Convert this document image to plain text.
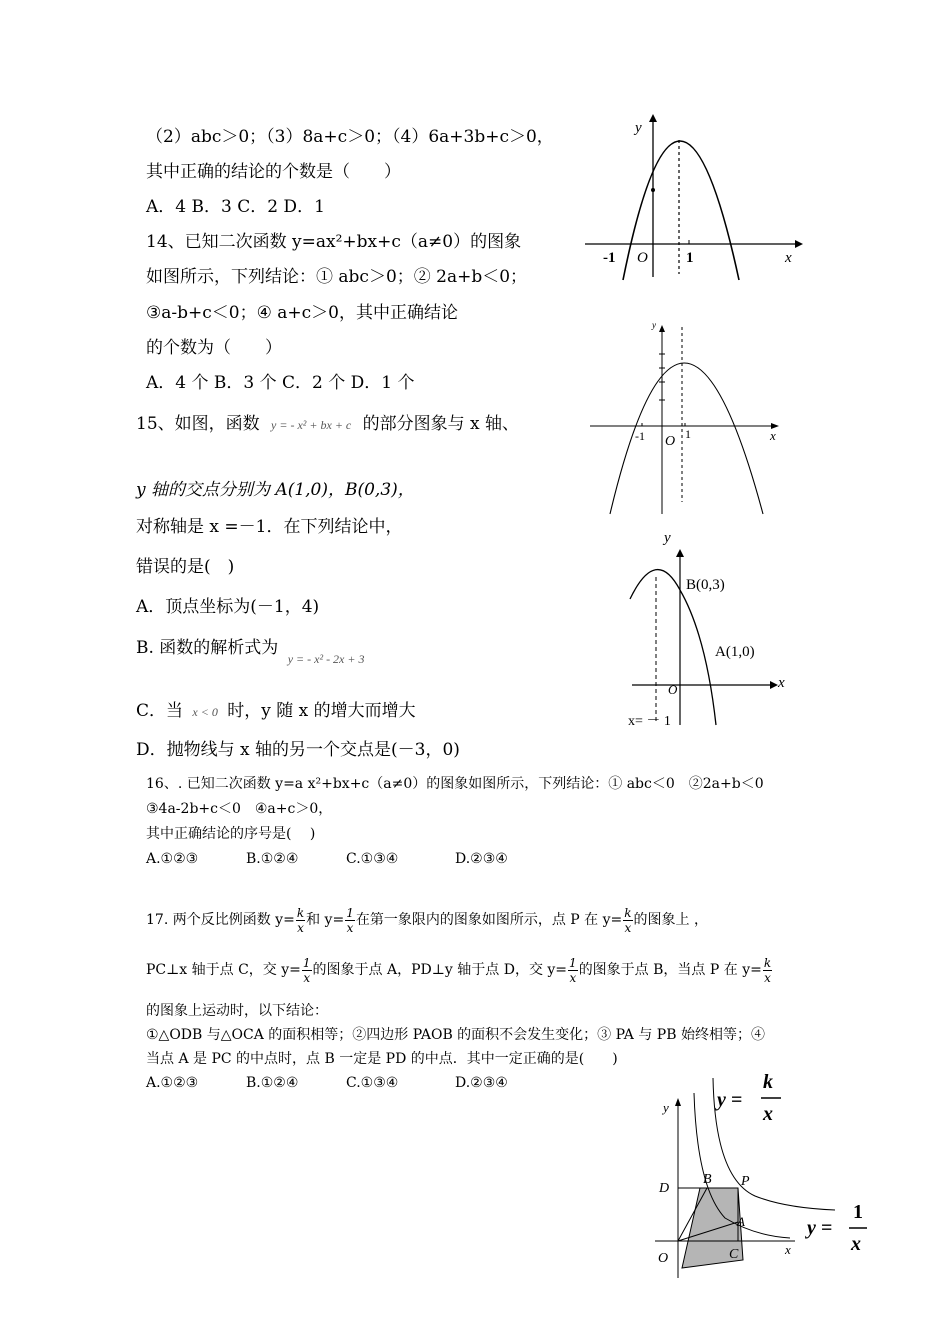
（2）abc＞0；（3）8a+c＞0；（4）6a+3b+c＞0，
其中正确的结论的个数是（　　）
A．4 B．3 C．2 D．1
14、已知二次函数 y=ax²+bx+c（a≠0）的图象
如图所示，下列结论：① abc＞0；② 2a+b＜0；
③a-b+c＜0；④ a+c＞0，其中正确结论
的个数为（　　）
A．4 个 B．3 个 C．2 个 D．1 个
15、如图，函数 y = - x² + bx + c 的部分图象与 x 轴、
y 轴的交点分别为 A(1,0)，B(0,3)，
对称轴是 x =－1．在下列结论中，
错误的是(　)
A．顶点坐标为(－1，4)
B. 函数的解析式为 $_{y = - x^2 - 2x + 3}$
C．当 x < 0 时，y 随 x 的增大而增大
D．抛物线与 x 轴的另一个交点是(－3，0)
16、. 已知二次函数 y=a x²+bx+c（a≠0）的图象如图所示，下列结论：① abc＜0　②2a+b＜0
③4a-2b+c＜0　④a+c＞0，
其中正确结论的序号是(　 )
A.①②③	B.①②④	C.①③④	D.②③④
17. 两个反比例函数 $y= \frac{k}{x}$ 和 $y= \frac{1}{x}$ 在第一象限内的图象如图所示，点 P 在 $y= \frac{k}{x}$ 的图象上 ，
PC⊥x 轴于点 C，交 $y= \frac{1}{x}$ 的图象于点 A，PD⊥y 轴于点 D，交 $y= \frac{1}{x}$ 的图象于点 B，当点 P 在 $y= \frac{k}{x}$
的图象上运动时，以下结论：
①△ODB 与△OCA 的面积相等；②四边形 PAOB 的面积不会发生变化；③ PA 与 PB 始终相等；④
当点 A 是 PC 的中点时，点 B 一定是 PD 的中点．其中一定正确的是(　　)
A.①②③	B.①②④	C.①③④	D.②③④
y
x
O
-1	1
-1 O 1	x
y
y
B(0,3)
A(1,0)
x
O
x= － 1
y
x
O
D
B P
A
C
y =
k
x
y =
1
x
